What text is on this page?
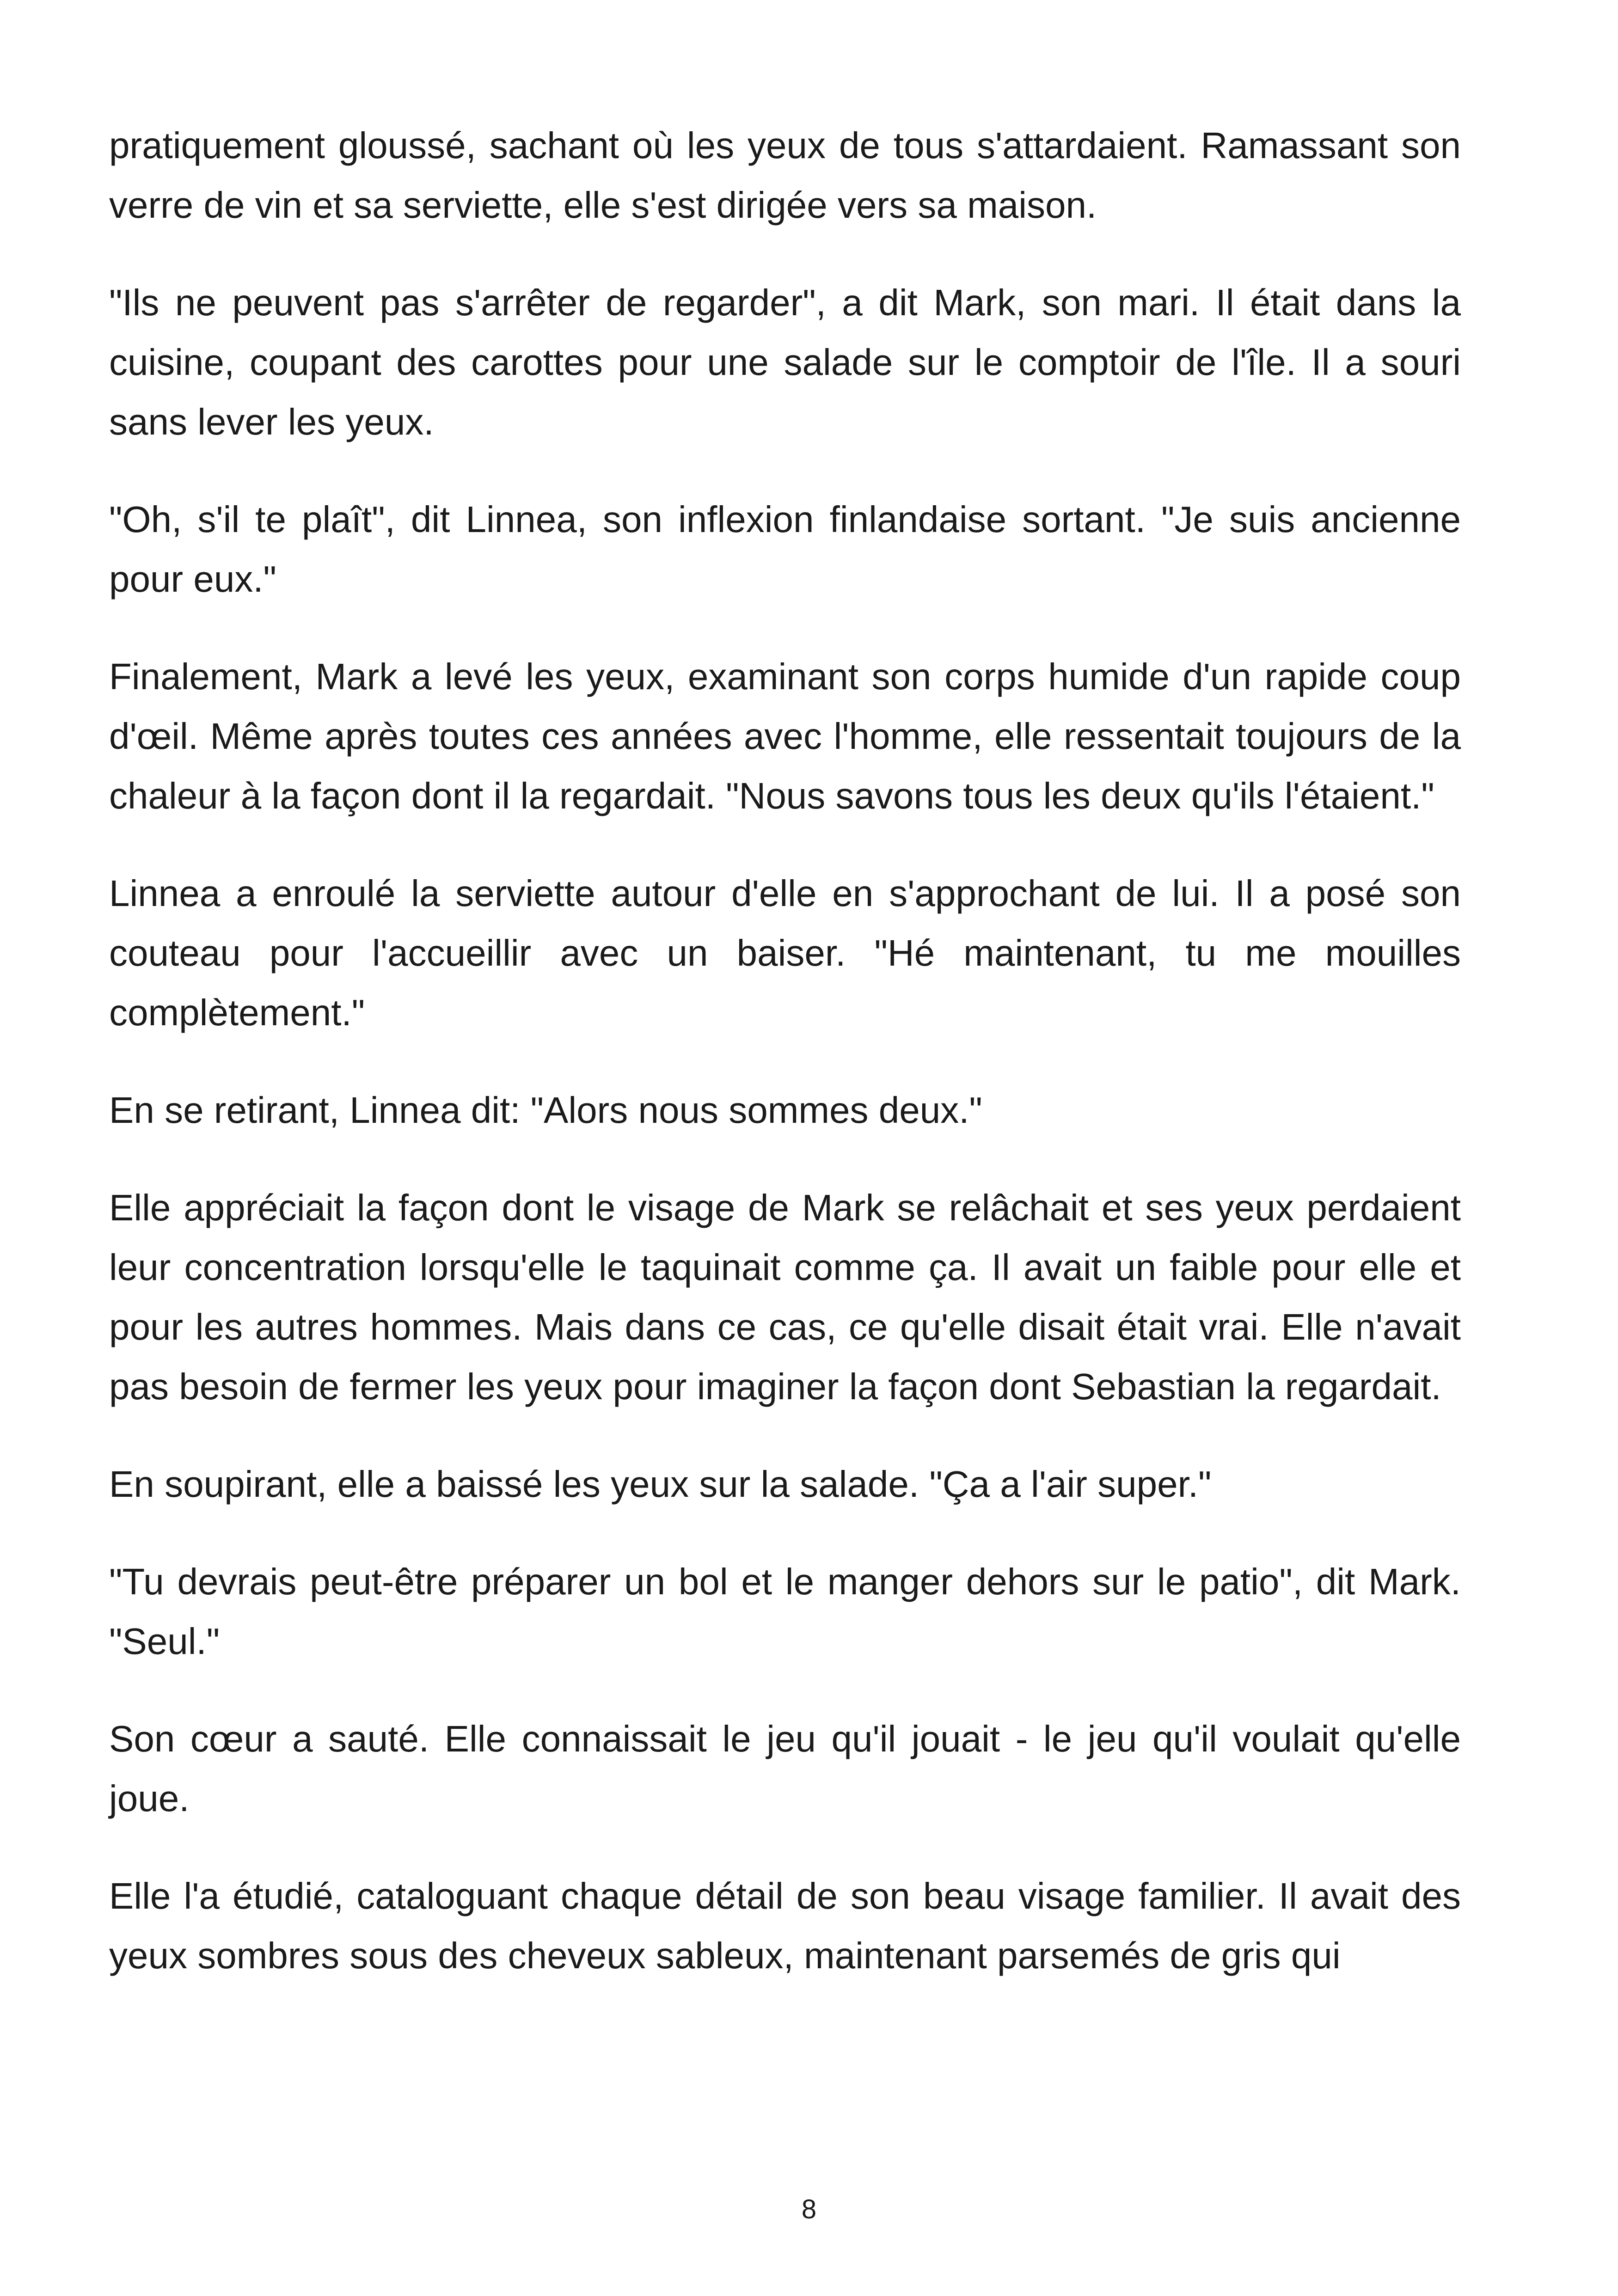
pratiquement gloussé, sachant où les yeux de tous s'attardaient. Ramassant son verre de vin et sa serviette, elle s'est dirigée vers sa maison.

"Ils ne peuvent pas s'arrêter de regarder", a dit Mark, son mari. Il était dans la cuisine, coupant des carottes pour une salade sur le comptoir de l'île. Il a souri sans lever les yeux.

"Oh, s'il te plaît", dit Linnea, son inflexion finlandaise sortant. "Je suis ancienne pour eux."

Finalement, Mark a levé les yeux, examinant son corps humide d'un rapide coup d'œil. Même après toutes ces années avec l'homme, elle ressentait toujours de la chaleur à la façon dont il la regardait. "Nous savons tous les deux qu'ils l'étaient."

Linnea a enroulé la serviette autour d'elle en s'approchant de lui. Il a posé son couteau pour l'accueillir avec un baiser. "Hé maintenant, tu me mouilles complètement."

En se retirant, Linnea dit: "Alors nous sommes deux."

Elle appréciait la façon dont le visage de Mark se relâchait et ses yeux perdaient leur concentration lorsqu'elle le taquinait comme ça. Il avait un faible pour elle et pour les autres hommes. Mais dans ce cas, ce qu'elle disait était vrai. Elle n'avait pas besoin de fermer les yeux pour imaginer la façon dont Sebastian la regardait.

En soupirant, elle a baissé les yeux sur la salade. "Ça a l'air super."

"Tu devrais peut-être préparer un bol et le manger dehors sur le patio", dit Mark. "Seul."

Son cœur a sauté. Elle connaissait le jeu qu'il jouait - le jeu qu'il voulait qu'elle joue.

Elle l'a étudié, cataloguant chaque détail de son beau visage familier. Il avait des yeux sombres sous des cheveux sableux, maintenant parsemés de gris qui

8
